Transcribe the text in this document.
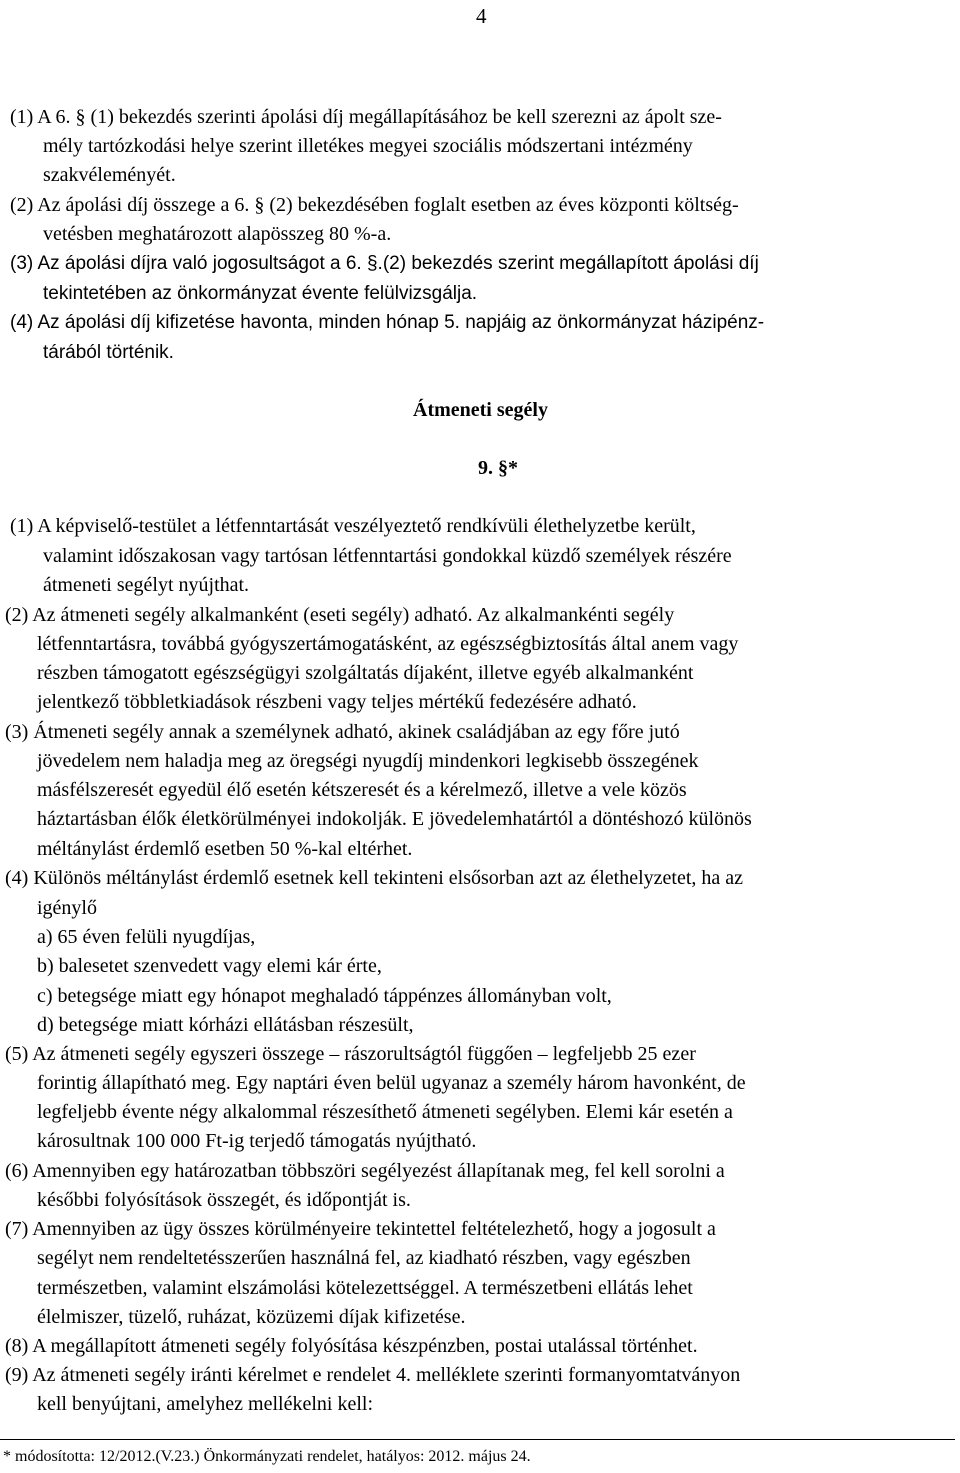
4
(1) A 6. § (1) bekezdés szerinti ápolási díj megállapításához be kell szerezni az ápolt sze-
mély tartózkodási helye szerint illetékes megyei szociális módszertani intézmény
szakvéleményét.
(2) Az ápolási díj összege a 6. § (2) bekezdésében foglalt esetben az éves központi költség-
vetésben meghatározott alapösszeg 80 %-a.
(3) Az ápolási díjra való jogosultságot a 6. §.(2) bekezdés szerint megállapított ápolási díj
tekintetében az önkormányzat évente felülvizsgálja.
(4) Az ápolási díj kifizetése havonta, minden hónap 5. napjáig az önkormányzat házipénz-
tárából történik.
Átmeneti segély
9. §*
(1) A képviselő-testület a létfenntartását veszélyeztető rendkívüli élethelyzetbe került,
valamint időszakosan vagy tartósan létfenntartási gondokkal küzdő személyek részére
átmeneti segélyt nyújthat.
(2) Az átmeneti segély alkalmanként (eseti segély) adható. Az alkalmankénti segély
létfenntartásra, továbbá gyógyszertámogatásként, az egészségbiztosítás által anem vagy
részben támogatott egészségügyi szolgáltatás díjaként, illetve egyéb alkalmanként
jelentkező többletkiadások részbeni vagy teljes mértékű fedezésére adható.
(3) Átmeneti segély annak a személynek adható, akinek családjában az egy főre jutó
jövedelem nem haladja meg az öregségi nyugdíj mindenkori legkisebb összegének
másfélszeresét egyedül élő esetén kétszeresét és a kérelmező, illetve a vele közös
háztartásban élők életkörülményei indokolják. E jövedelemhatártól a döntéshozó különös
méltánylást érdemlő esetben 50 %-kal eltérhet.
(4) Különös méltánylást érdemlő esetnek kell tekinteni elsősorban azt az élethelyzetet, ha az
igénylő
a) 65 éven felüli nyugdíjas,
b) balesetet szenvedett vagy elemi kár érte,
c) betegsége miatt egy hónapot meghaladó táppénzes állományban volt,
d) betegsége miatt kórházi ellátásban részesült,
(5) Az átmeneti segély egyszeri összege – rászorultságtól függően – legfeljebb 25 ezer
forintig állapítható meg. Egy naptári éven belül ugyanaz a személy három havonként, de
legfeljebb évente négy alkalommal részesíthető átmeneti segélyben. Elemi kár esetén a
károsultnak 100 000 Ft-ig terjedő támogatás nyújtható.
(6) Amennyiben egy határozatban többszöri segélyezést állapítanak meg, fel kell sorolni a
későbbi folyósítások összegét, és időpontját is.
(7) Amennyiben az ügy összes körülményeire tekintettel feltételezhető, hogy a jogosult a
segélyt nem rendeltetésszerűen használná fel, az kiadható részben, vagy egészben
természetben, valamint elszámolási kötelezettséggel. A természetbeni ellátás lehet
élelmiszer, tüzelő, ruházat, közüzemi díjak kifizetése.
(8) A megállapított átmeneti segély folyósítása készpénzben, postai utalással történhet.
(9) Az átmeneti segély iránti kérelmet e rendelet 4. melléklete szerinti formanyomtatványon
kell benyújtani, amelyhez mellékelni kell:
* módosította: 12/2012.(V.23.) Önkormányzati rendelet, hatályos: 2012. május 24.
